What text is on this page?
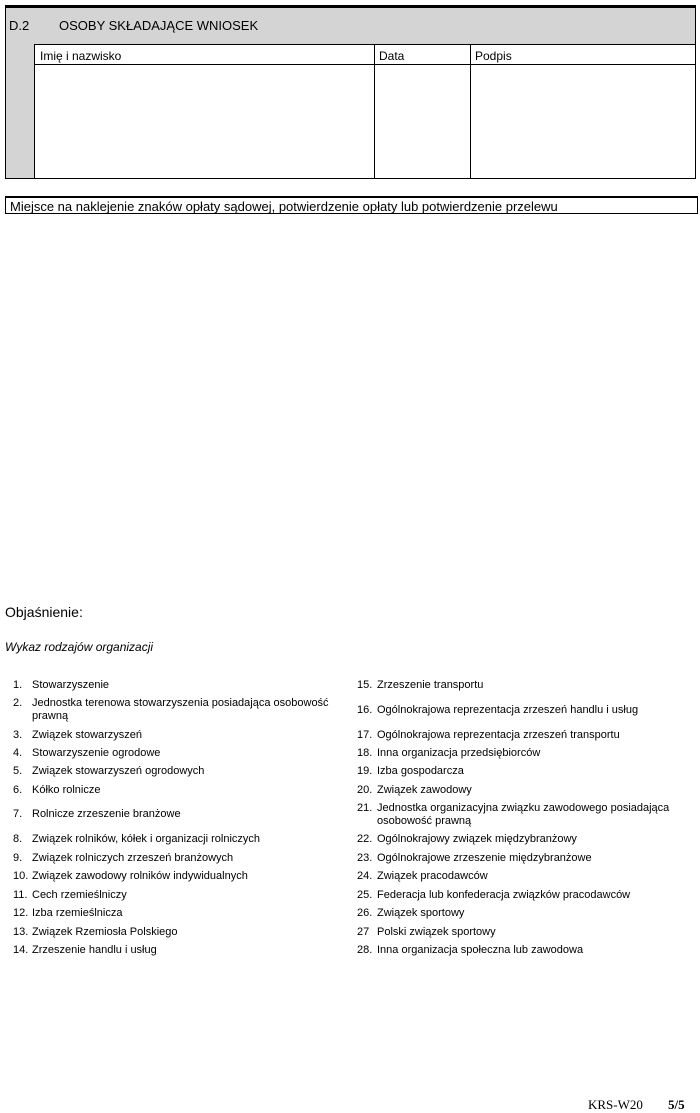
D.2 OSOBY SKŁADAJĄCE WNIOSEK
Imię i nazwisko	Data	Podpis
Miejsce na naklejenie znaków opłaty sądowej, potwierdzenie opłaty lub potwierdzenie przelewu
Objaśnienie:
Wykaz rodzajów organizacji
1. Stowarzyszenie
2. Jednostka terenowa stowarzyszenia posiadająca osobowość prawną
3. Związek stowarzyszeń
4. Stowarzyszenie ogrodowe
5. Związek stowarzyszeń ogrodowych
6. Kółko rolnicze
7. Rolnicze zrzeszenie branżowe
8. Związek rolników, kółek i organizacji rolniczych
9. Związek rolniczych zrzeszeń branżowych
10. Związek zawodowy rolników indywidualnych
11. Cech rzemieślniczy
12. Izba rzemieślnicza
13. Związek Rzemiosła Polskiego
14. Zrzeszenie handlu i usług
15. Zrzeszenie transportu
16. Ogólnokrajowa reprezentacja zrzeszeń handlu i usług
17. Ogólnokrajowa reprezentacja zrzeszeń transportu
18. Inna organizacja przedsiębiorców
19. Izba gospodarcza
20. Związek zawodowy
21. Jednostka organizacyjna związku zawodowego posiadająca osobowość prawną
22. Ogólnokrajowy związek międzybranżowy
23. Ogólnokrajowe zrzeszenie międzybranżowe
24. Związek pracodawców
25. Federacja lub konfederacja związków pracodawców
26. Związek sportowy
27 Polski związek sportowy
28. Inna organizacja społeczna lub zawodowa
KRS-W20 5/5
